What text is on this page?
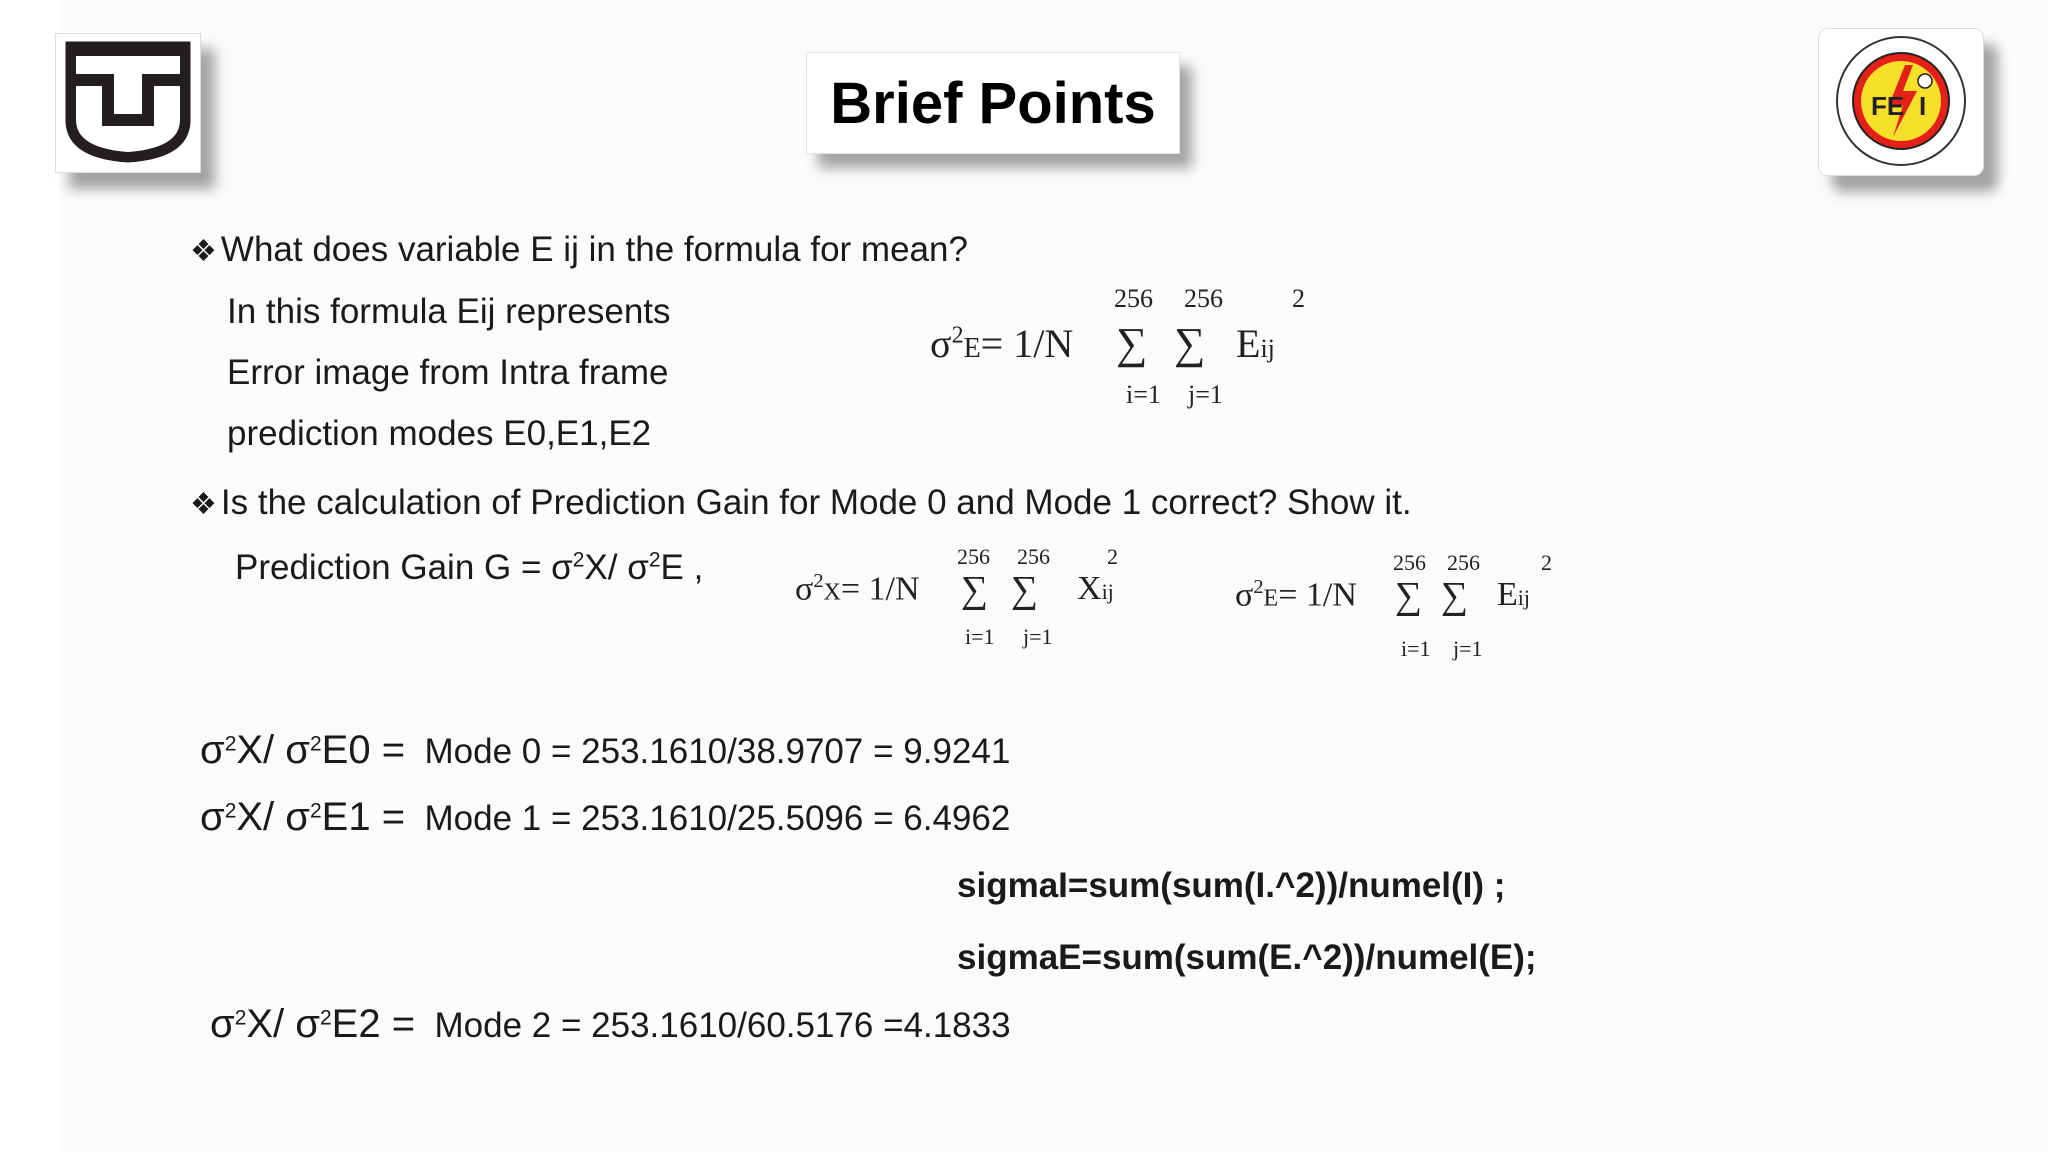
FE I
Brief Points
❖ What does variable E ij in the formula for mean?
In this formula Eij represents
Error image from Intra frame
prediction modes E0,E1,E2
$\sigma^2E= 1/N$
256 256	2
∑ ∑ Eij
i=1 j=1
❖ Is the calculation of Prediction Gain for Mode 0 and Mode 1 correct? Show it.
Prediction Gain $G = \sigma^2X/$ $\sigma^2E$ ,
$\sigma^2X= 1/N$
256 256	2
∑ ∑ Xij
i=1 j=1
$\sigma^2E= 1/N$
256 256	2
∑ ∑ Eij
i=1 j=1
$\sigma^2X/$ $\sigma^2E0$ = Mode 0 = 253.1610/38.9707 = 9.9241
$\sigma^2X/$ $\sigma^2E1$ = Mode 1 = 253.1610/25.5096 = 6.4962
sigmaI=sum(sum(I.^2))/numel(I) ;
sigmaE=sum(sum(E.^2))/numel(E);
$\sigma^2X/$ $\sigma^2E2$ = Mode 2 = 253.1610/60.5176 =4.1833
